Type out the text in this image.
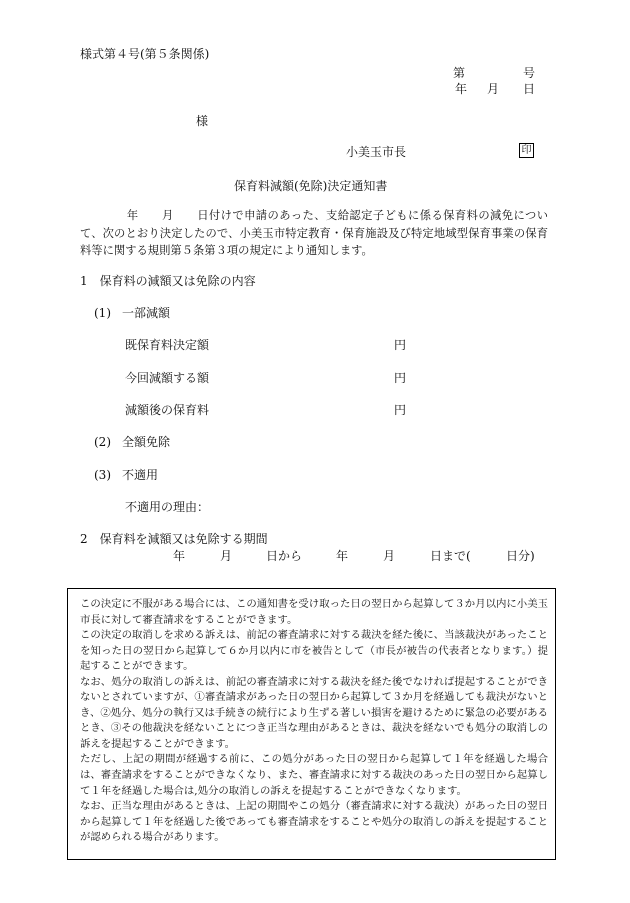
様式第４号(第５条関係)
第	号
年 月 日
様
小美玉市長	印
保育料減額(免除)決定通知書
　　　　年　　月　　日付けで申請のあった、支給認定子どもに係る保育料の減免について、次のとおり決定したので、小美玉市特定教育・保育施設及び特定地域型保育事業の保育料等に関する規則第５条第３項の規定により通知します。
1　保育料の減額又は免除の内容
(1) 一部減額
既保育料決定額	円
今回減額する額	円
減額後の保育料	円
(2) 全額免除
(3) 不適用
不適用の理由：
2　保育料を減額又は免除する期間
年	月	日から	年	月	日まで(	日分)

この決定に不服がある場合には、この通知書を受け取った日の翌日から起算して３か月以内に小美玉市長に対して審査請求をすることができます。

この決定の取消しを求める訴えは、前記の審査請求に対する裁決を経た後に、当該裁決があったことを知った日の翌日から起算して６か月以内に市を被告として（市長が被告の代表者となります。）提起することができます。

なお、処分の取消しの訴えは、前記の審査請求に対する裁決を経た後でなければ提起することができないとされていますが、①審査請求があった日の翌日から起算して３か月を経過しても裁決がないとき、②処分、処分の執行又は手続きの続行により生ずる著しい損害を避けるために緊急の必要があるとき、③その他裁決を経ないことにつき正当な理由があるときは、裁決を経ないでも処分の取消しの訴えを提起することができます。

ただし、上記の期間が経過する前に、この処分があった日の翌日から起算して１年を経過した場合は、審査請求をすることができなくなり、また、審査請求に対する裁決のあった日の翌日から起算して１年を経過した場合は,処分の取消しの訴えを提起することができなくなります。

なお、正当な理由があるときは、上記の期間やこの処分（審査請求に対する裁決）があった日の翌日から起算して１年を経過した後であっても審査請求をすることや処分の取消しの訴えを提起することが認められる場合があります。
